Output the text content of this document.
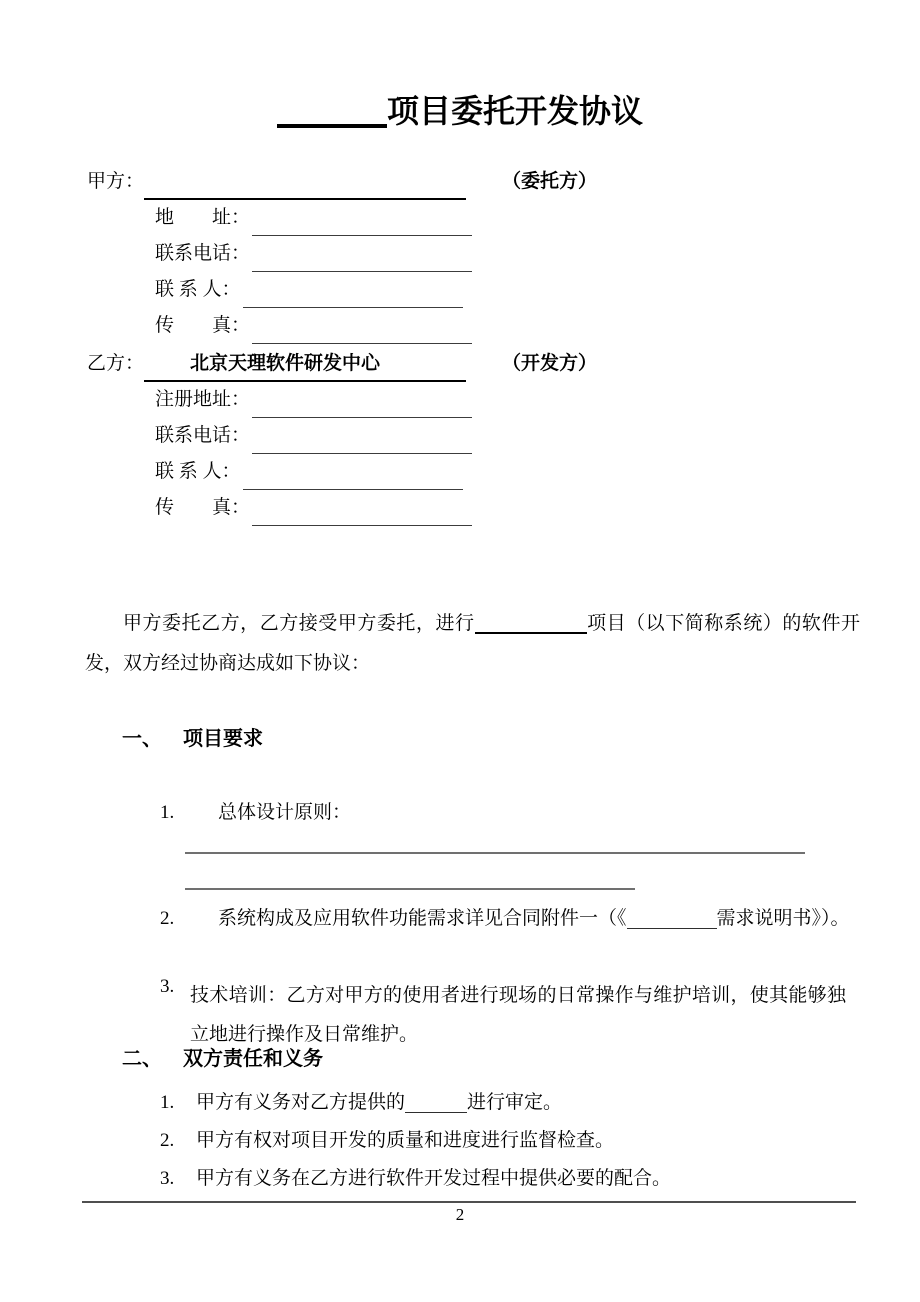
项目委托开发协议
甲方：	（委托方）
地　　址：
联系电话：
联 系 人：
传　　真：
乙方： 北京天理软件研发中心	（开发方）
注册地址：
联系电话：
联 系 人：
传　　真：
甲方委托乙方，乙方接受甲方委托，进行	项目（以下简称系统）的软件开发，双方经过协商达成如下协议：
一、 项目要求
1. 总体设计原则：
2. 系统构成及应用软件功能需求详见合同附件一（《	需求说明书》）。
3. 技术培训：乙方对甲方的使用者进行现场的日常操作与维护培训，使其能够独立地进行操作及日常维护。
二、 双方责任和义务
1. 甲方有义务对乙方提供的	进行审定。
2. 甲方有权对项目开发的质量和进度进行监督检查。
3. 甲方有义务在乙方进行软件开发过程中提供必要的配合。
2
